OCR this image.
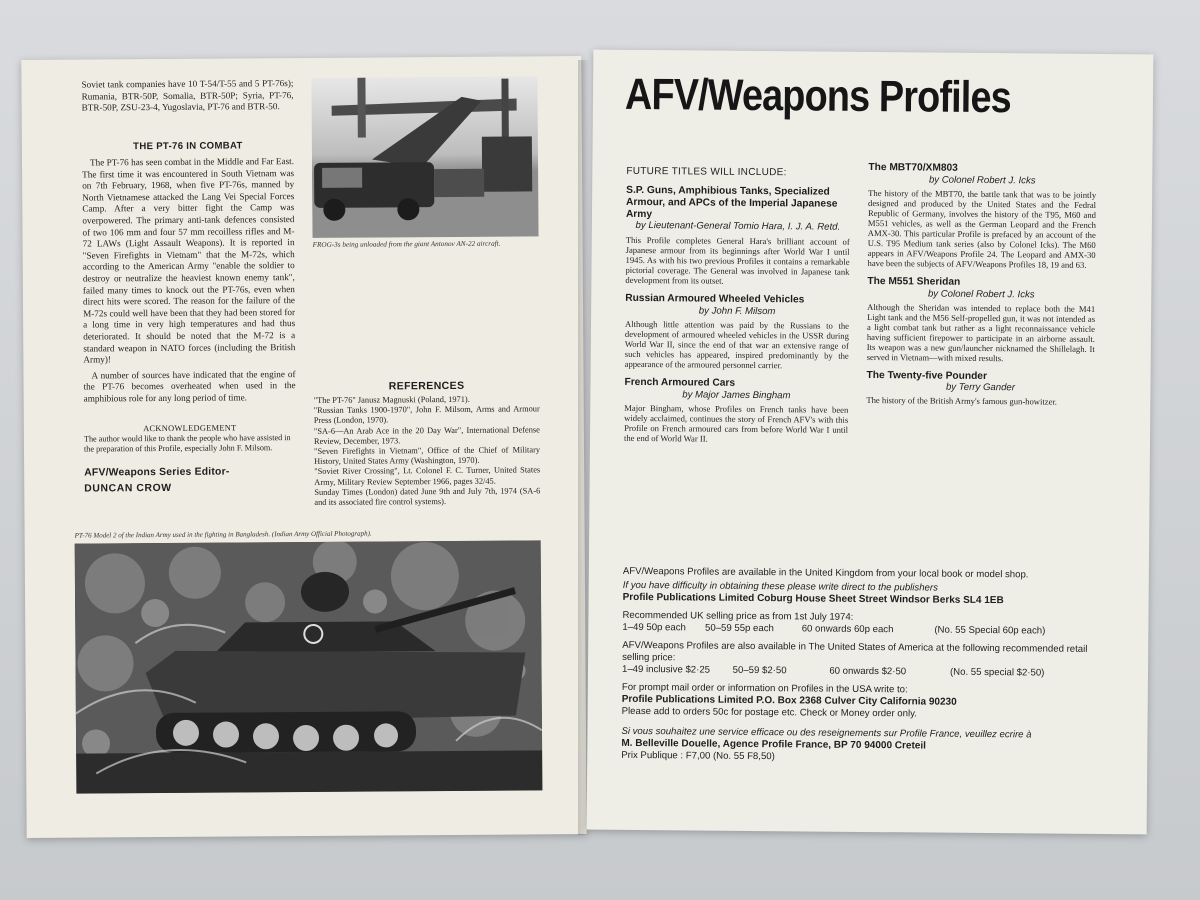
Soviet tank companies have 10 T-54/T-55 and 5 PT-76s); Rumania, BTR-50P, Somalia, BTR-50P; Syria, PT-76, BTR-50P, ZSU-23-4, Yugoslavia, PT-76 and BTR-50.
THE PT-76 IN COMBAT

The PT-76 has seen combat in the Middle and Far East. The first time it was encountered in South Vietnam was on 7th February, 1968, when five PT-76s, manned by North Vietnamese attacked the Lang Vei Special Forces Camp. After a very bitter fight the Camp was overpowered. The primary anti-tank defences consisted of two 106 mm and four 57 mm recoilless rifles and M-72 LAWs (Light Assault Weapons). It is reported in "Seven Firefights in Vietnam" that the M-72s, which according to the American Army "enable the soldier to destroy or neutralize the heaviest known enemy tank", failed many times to knock out the PT-76s, even when direct hits were scored. The reason for the failure of the M-72s could well have been that they had been stored for a long time in very high temperatures and had thus deteriorated. It should be noted that the M-72 is a standard weapon in NATO forces (including the British Army)!

A number of sources have indicated that the engine of the PT-76 becomes overheated when used in the amphibious role for any long period of time.

FROG-3s being unloaded from the giant Antonov AN-22 aircraft.
REFERENCES
"The PT-76" Janusz Magnuski (Poland, 1971).
"Russian Tanks 1900-1970", John F. Milsom, Arms and Armour Press (London, 1970).
"SA-6—An Arab Ace in the 20 Day War", International Defense Review, December, 1973.
"Seven Firefights in Vietnam", Office of the Chief of Military History, United States Army (Washington, 1970).
"Soviet River Crossing", Lt. Colonel F. C. Turner, United States Army, Military Review September 1966, pages 32/45.
Sunday Times (London) dated June 9th and July 7th, 1974 (SA-6 and its associated fire control systems).
ACKNOWLEDGEMENT
The author would like to thank the people who have assisted in the preparation of this Profile, especially John F. Milsom.
AFV/Weapons Series Editor-
DUNCAN CROW
PT-76 Model 2 of the Indian Army used in the fighting in Bangladesh. (Indian Army Official Photograph).
AFV/Weapons Profiles
FUTURE TITLES WILL INCLUDE:
S.P. Guns, Amphibious Tanks, Specialized Armour, and APCs of the Imperial Japanese Army
by Lieutenant-General Tomio Hara, I. J. A. Retd.
This Profile completes General Hara's brilliant account of Japanese armour from its beginnings after World War I until 1945. As with his two previous Profiles it contains a remarkable pictorial coverage. The General was involved in Japanese tank development from its outset.
Russian Armoured Wheeled Vehicles
by John F. Milsom
Although little attention was paid by the Russians to the development of armoured wheeled vehicles in the USSR during World War II, since the end of that war an extensive range of such vehicles has appeared, inspired predominantly by the appearance of the armoured personnel carrier.
French Armoured Cars
by Major James Bingham
Major Bingham, whose Profiles on French tanks have been widely acclaimed, continues the story of French AFV's with this Profile on French armoured cars from before World War I until the end of World War II.
The MBT70/XM803
by Colonel Robert J. Icks
The history of the MBT70, the battle tank that was to be jointly designed and produced by the United States and the Fedral Republic of Germany, involves the history of the T95, M60 and M551 vehicles, as well as the German Leopard and the French AMX-30. This particular Profile is prefaced by an account of the U.S. T95 Medium tank series (also by Colonel Icks). The M60 appears in AFV/Weapons Profile 24. The Leopard and AMX-30 have been the subjects of AFV/Weapons Profiles 18, 19 and 63.
The M551 Sheridan
by Colonel Robert J. Icks
Although the Sheridan was intended to replace both the M41 Light tank and the M56 Self-propelled gun, it was not intended as a light combat tank but rather as a light reconnaissance vehicle having sufficient firepower to participate in an airborne assault. Its weapon was a new gun/launcher nicknamed the Shillelagh. It served in Vietnam—with mixed results.
The Twenty-five Pounder
by Terry Gander
The history of the British Army's famous gun-howitzer.
AFV/Weapons Profiles are available in the United Kingdom from your local book or model shop.
If you have difficulty in obtaining these please write direct to the publishers
Profile Publications Limited Coburg House Sheet Street Windsor Berks SL4 1EB
Recommended UK selling price as from 1st July 1974:
1–49 50p each 50–59 55p each	60 onwards 60p each	(No. 55 Special 60p each)
AFV/Weapons Profiles are also available in The United States of America at the following recommended retail selling price:
1–49 inclusive $2·25 50–59 $2·50	60 onwards $2·50	(No. 55 special $2·50)
For prompt mail order or information on Profiles in the USA write to:
Profile Publications Limited P.O. Box 2368 Culver City California 90230
Please add to orders 50c for postage etc. Check or Money order only.
Si vous souhaitez une service efficace ou des reseignements sur Profile France, veuillez ecrire à
M. Belleville Douelle, Agence Profile France, BP 70 94000 Creteil
Prix Publique : F7,00 (No. 55 F8,50)
